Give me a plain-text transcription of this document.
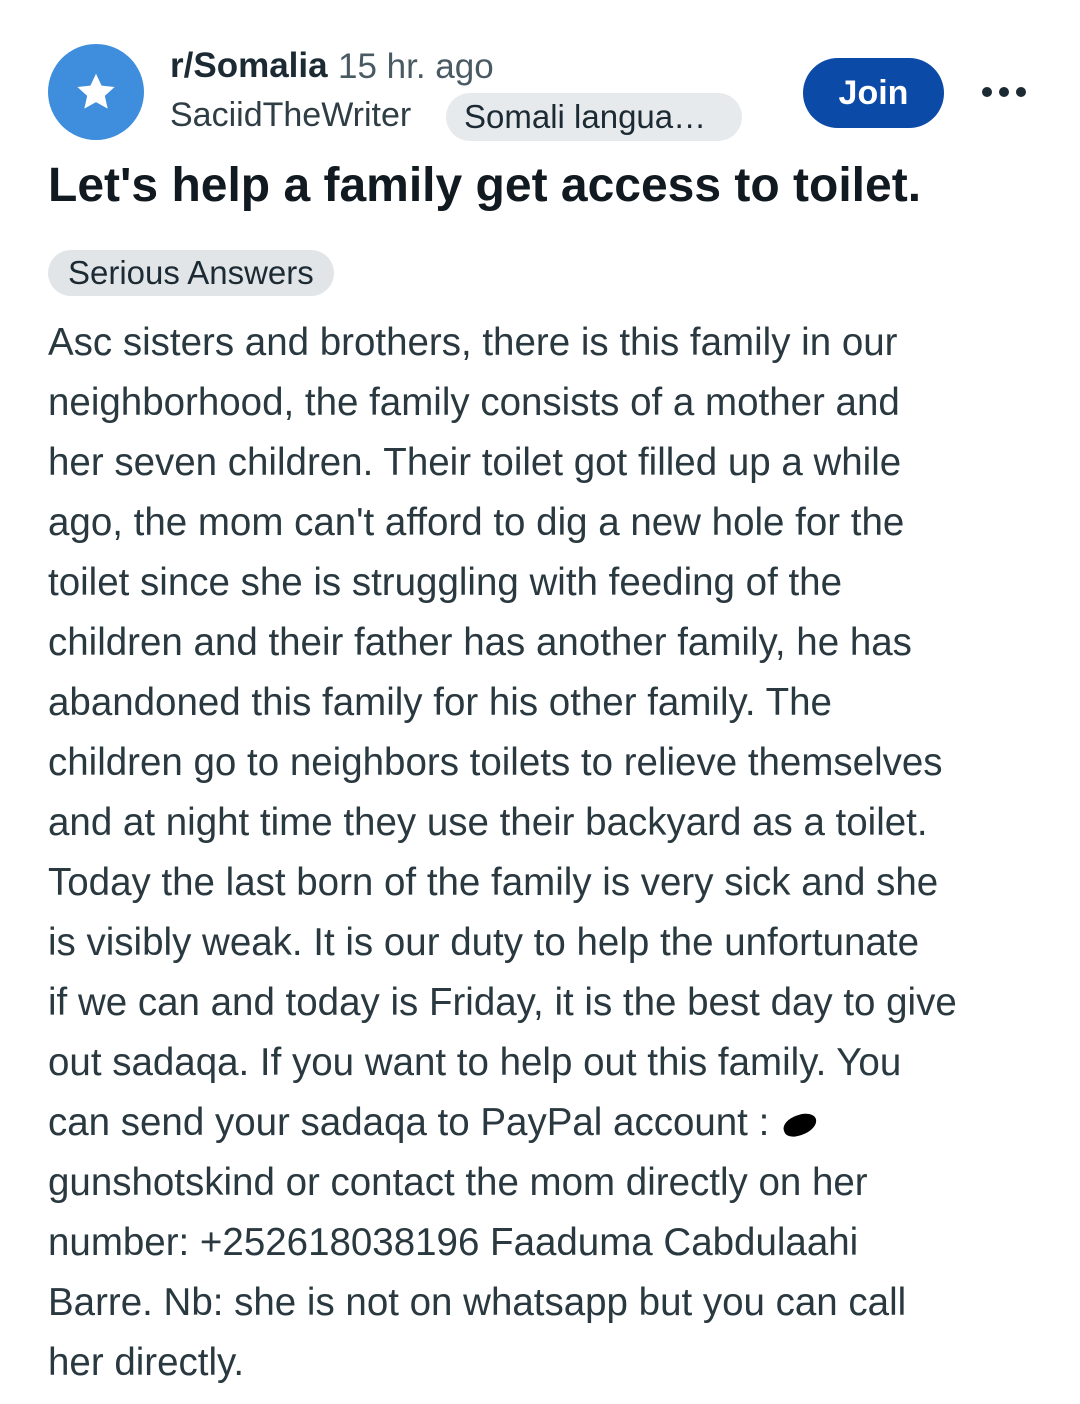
r/Somalia 15 hr. ago
SaciidTheWriter	Somali langua…
Join
Let's help a family get access to toilet.
Serious Answers
Asc sisters and brothers, there is this family in our
neighborhood, the family consists of a mother and
her seven children. Their toilet got filled up a while
ago, the mom can't afford to dig a new hole for the
toilet since she is struggling with feeding of the
children and their father has another family, he has
abandoned this family for his other family. The
children go to neighbors toilets to relieve themselves
and at night time they use their backyard as a toilet.
Today the last born of the family is very sick and she
is visibly weak. It is our duty to help the unfortunate
if we can and today is Friday, it is the best day to give
out sadaqa. If you want to help out this family. You
can send your sadaqa to PayPal account :
gunshotskind or contact the mom directly on her
number: +252618038196 Faaduma Cabdulaahi
Barre. Nb: she is not on whatsapp but you can call
her directly.
